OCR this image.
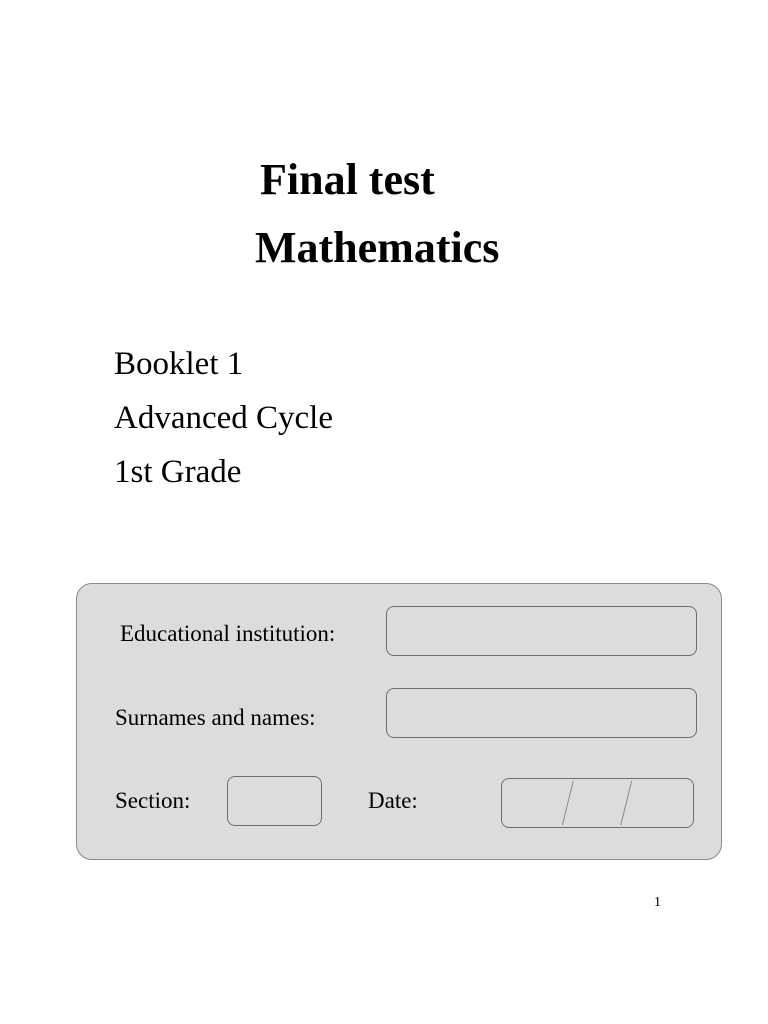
Final test
Mathematics
Booklet 1
Advanced Cycle
1st Grade
Educational institution:
Surnames and names:
Section:	Date:
1
